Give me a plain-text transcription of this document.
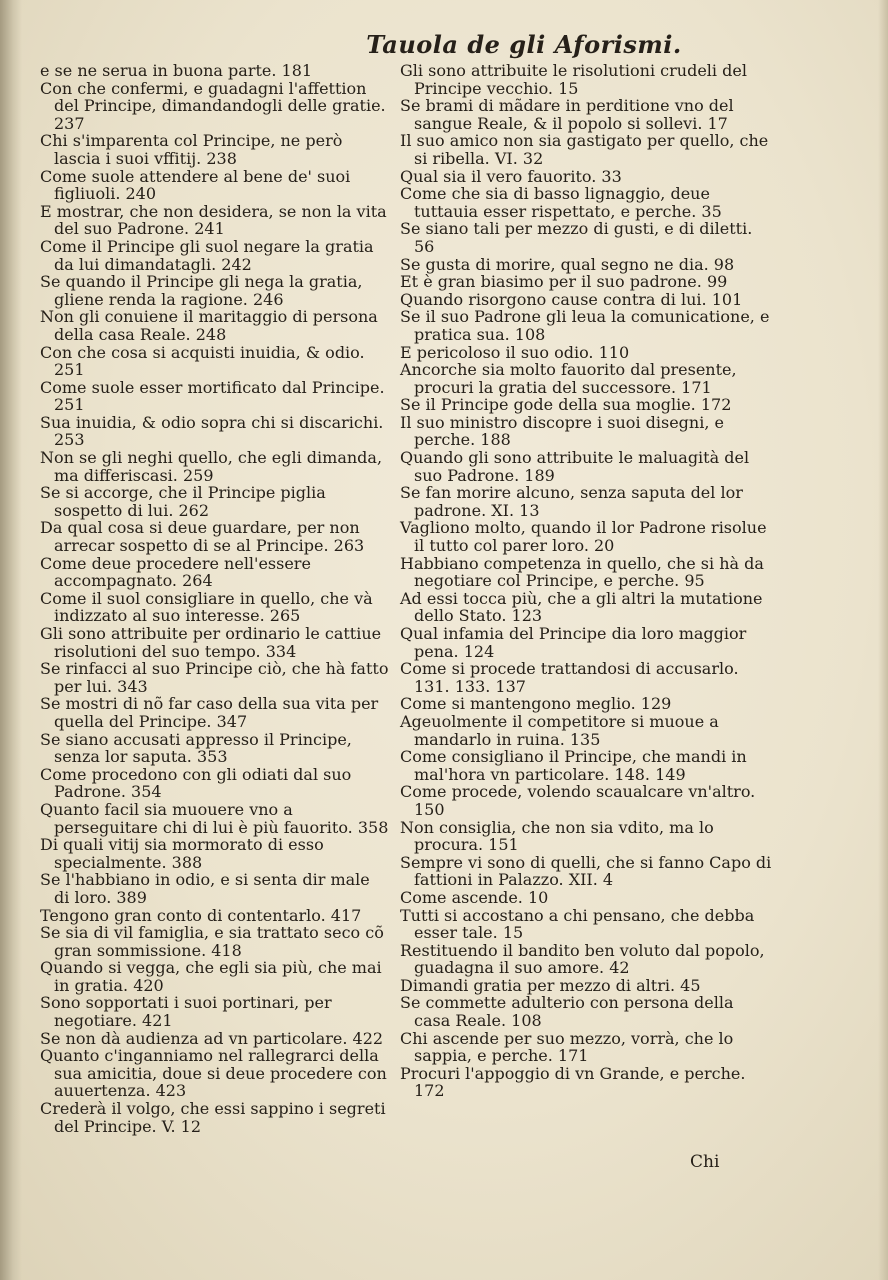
Tauola de gli Aforismi.
e se ne serua in buona parte. 181
Con che confermi, e guadagni l'affettion del Principe, dimandandogli delle gratie. 237
Chi s'imparenta col Principe, ne però lascia i suoi vffitij. 238
Come suole attendere al bene de' suoi figliuoli. 240
E mostrar, che non desidera, se non la vita del suo Padrone. 241
Come il Principe gli suol negare la gratia da lui dimandatagli. 242
Se quando il Principe gli nega la gratia, gliene renda la ragione. 246
Non gli conuiene il maritaggio di persona della casa Reale. 248
Con che cosa si acquisti inuidia, & odio. 251
Come suole esser mortificato dal Principe. 251
Sua inuidia, & odio sopra chi si discarichi. 253
Non se gli neghi quello, che egli dimanda, ma differiscasi. 259
Se si accorge, che il Principe piglia sospetto di lui. 262
Da qual cosa si deue guardare, per non arrecar sospetto di se al Principe. 263
Come deue procedere nell'essere accompagnato. 264
Come il suol consigliare in quello, che và indizzato al suo interesse. 265
Gli sono attribuite per ordinario le cattiue risolutioni del suo tempo. 334
Se rinfacci al suo Principe ciò, che hà fatto per lui. 343
Se mostri di nõ far caso della sua vita per quella del Principe. 347
Se siano accusati appresso il Principe, senza lor saputa. 353
Come procedono con gli odiati dal suo Padrone. 354
Quanto facil sia muouere vno a perseguitare chi di lui è più fauorito. 358
Di quali vitij sia mormorato di esso specialmente. 388
Se l'habbiano in odio, e si senta dir male di loro. 389
Tengono gran conto di contentarlo. 417
Se sia di vil famiglia, e sia trattato seco cõ gran sommissione. 418
Quando si vegga, che egli sia più, che mai in gratia. 420
Sono sopportati i suoi portinari, per negotiare. 421
Se non dà audienza ad vn particolare. 422
Quanto c'inganniamo nel rallegrarci della sua amicitia, doue si deue procedere con auuertenza. 423
Crederà il volgo, che essi sappino i segreti del Principe. V. 12
Gli sono attribuite le risolutioni crudeli del Principe vecchio. 15
Se brami di mãdare in perditione vno del sangue Reale, & il popolo si sollevi. 17
Il suo amico non sia gastigato per quello, che si ribella. VI. 32
Qual sia il vero fauorito. 33
Come che sia di basso lignaggio, deue tuttauia esser rispettato, e perche. 35
Se siano tali per mezzo di gusti, e di diletti. 56
Se gusta di morire, qual segno ne dia. 98
Et è gran biasimo per il suo padrone. 99
Quando risorgono cause contra di lui. 101
Se il suo Padrone gli leua la comunicatione, e pratica sua. 108
E pericoloso il suo odio. 110
Ancorche sia molto fauorito dal presente, procuri la gratia del successore. 171
Se il Principe gode della sua moglie. 172
Il suo ministro discopre i suoi disegni, e perche. 188
Quando gli sono attribuite le maluagità del suo Padrone. 189
Se fan morire alcuno, senza saputa del lor padrone. XI. 13
Vagliono molto, quando il lor Padrone risolue il tutto col parer loro. 20
Habbiano competenza in quello, che si hà da negotiare col Principe, e perche. 95
Ad essi tocca più, che a gli altri la mutatione dello Stato. 123
Qual infamia del Principe dia loro maggior pena. 124
Come si procede trattandosi di accusarlo. 131. 133. 137
Come si mantengono meglio. 129
Ageuolmente il competitore si muoue a mandarlo in ruina. 135
Come consigliano il Principe, che mandi in mal'hora vn particolare. 148. 149
Come procede, volendo scaualcare vn'altro. 150
Non consiglia, che non sia vdito, ma lo procura. 151
Sempre vi sono di quelli, che si fanno Capo di fattioni in Palazzo. XII. 4
Come ascende. 10
Tutti si accostano a chi pensano, che debba esser tale. 15
Restituendo il bandito ben voluto dal popolo, guadagna il suo amore. 42
Dimandi gratia per mezzo di altri. 45
Se commette adulterio con persona della casa Reale. 108
Chi ascende per suo mezzo, vorrà, che lo sappia, e perche. 171
Procuri l'appoggio di vn Grande, e perche. 172
Chi
